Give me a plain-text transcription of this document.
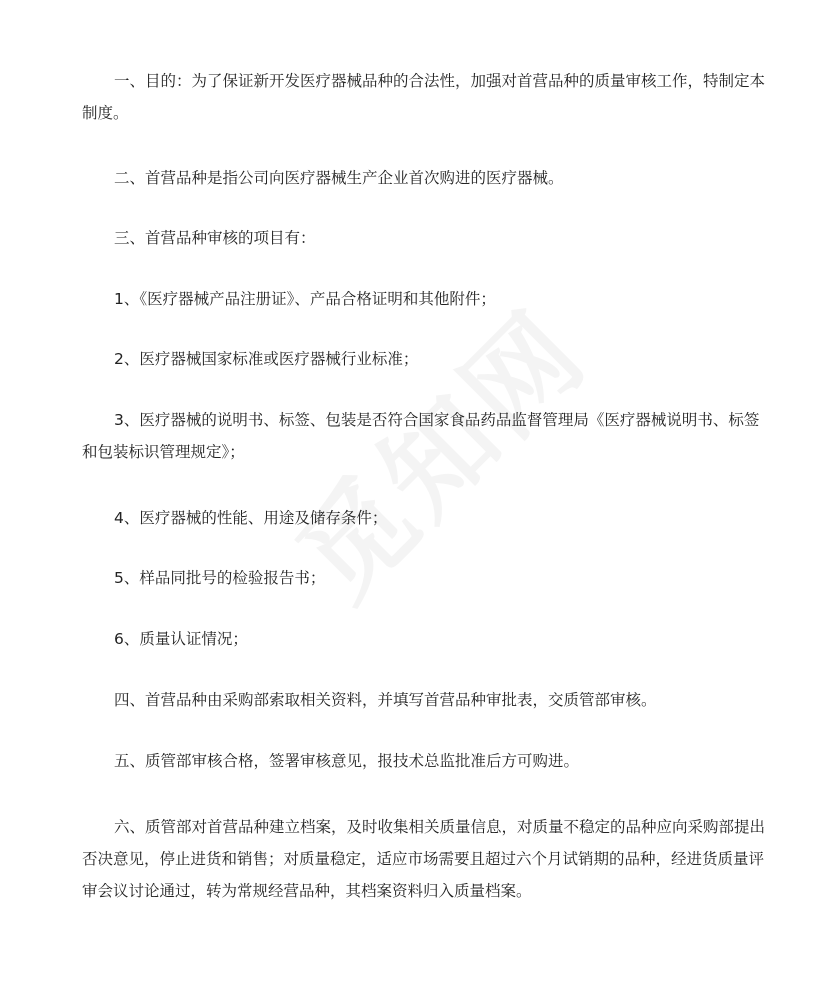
一、目的：为了保证新开发医疗器械品种的合法性，加强对首营品种的质量审核工作，特制定本制度。

二、首营品种是指公司向医疗器械生产企业首次购进的医疗器械。

三、首营品种审核的项目有：

1、《医疗器械产品注册证》、产品合格证明和其他附件；

2、医疗器械国家标准或医疗器械行业标准；

3、医疗器械的说明书、标签、包装是否符合国家食品药品监督管理局《医疗器械说明书、标签和包装标识管理规定》；

4、医疗器械的性能、用途及储存条件；

5、样品同批号的检验报告书；

6、质量认证情况；

四、首营品种由采购部索取相关资料，并填写首营品种审批表，交质管部审核。

五、质管部审核合格，签署审核意见，报技术总监批准后方可购进。

六、质管部对首营品种建立档案，及时收集相关质量信息，对质量不稳定的品种应向采购部提出否决意见，停止进货和销售；对质量稳定，适应市场需要且超过六个月试销期的品种，经进货质量评审会议讨论通过，转为常规经营品种，其档案资料归入质量档案。
